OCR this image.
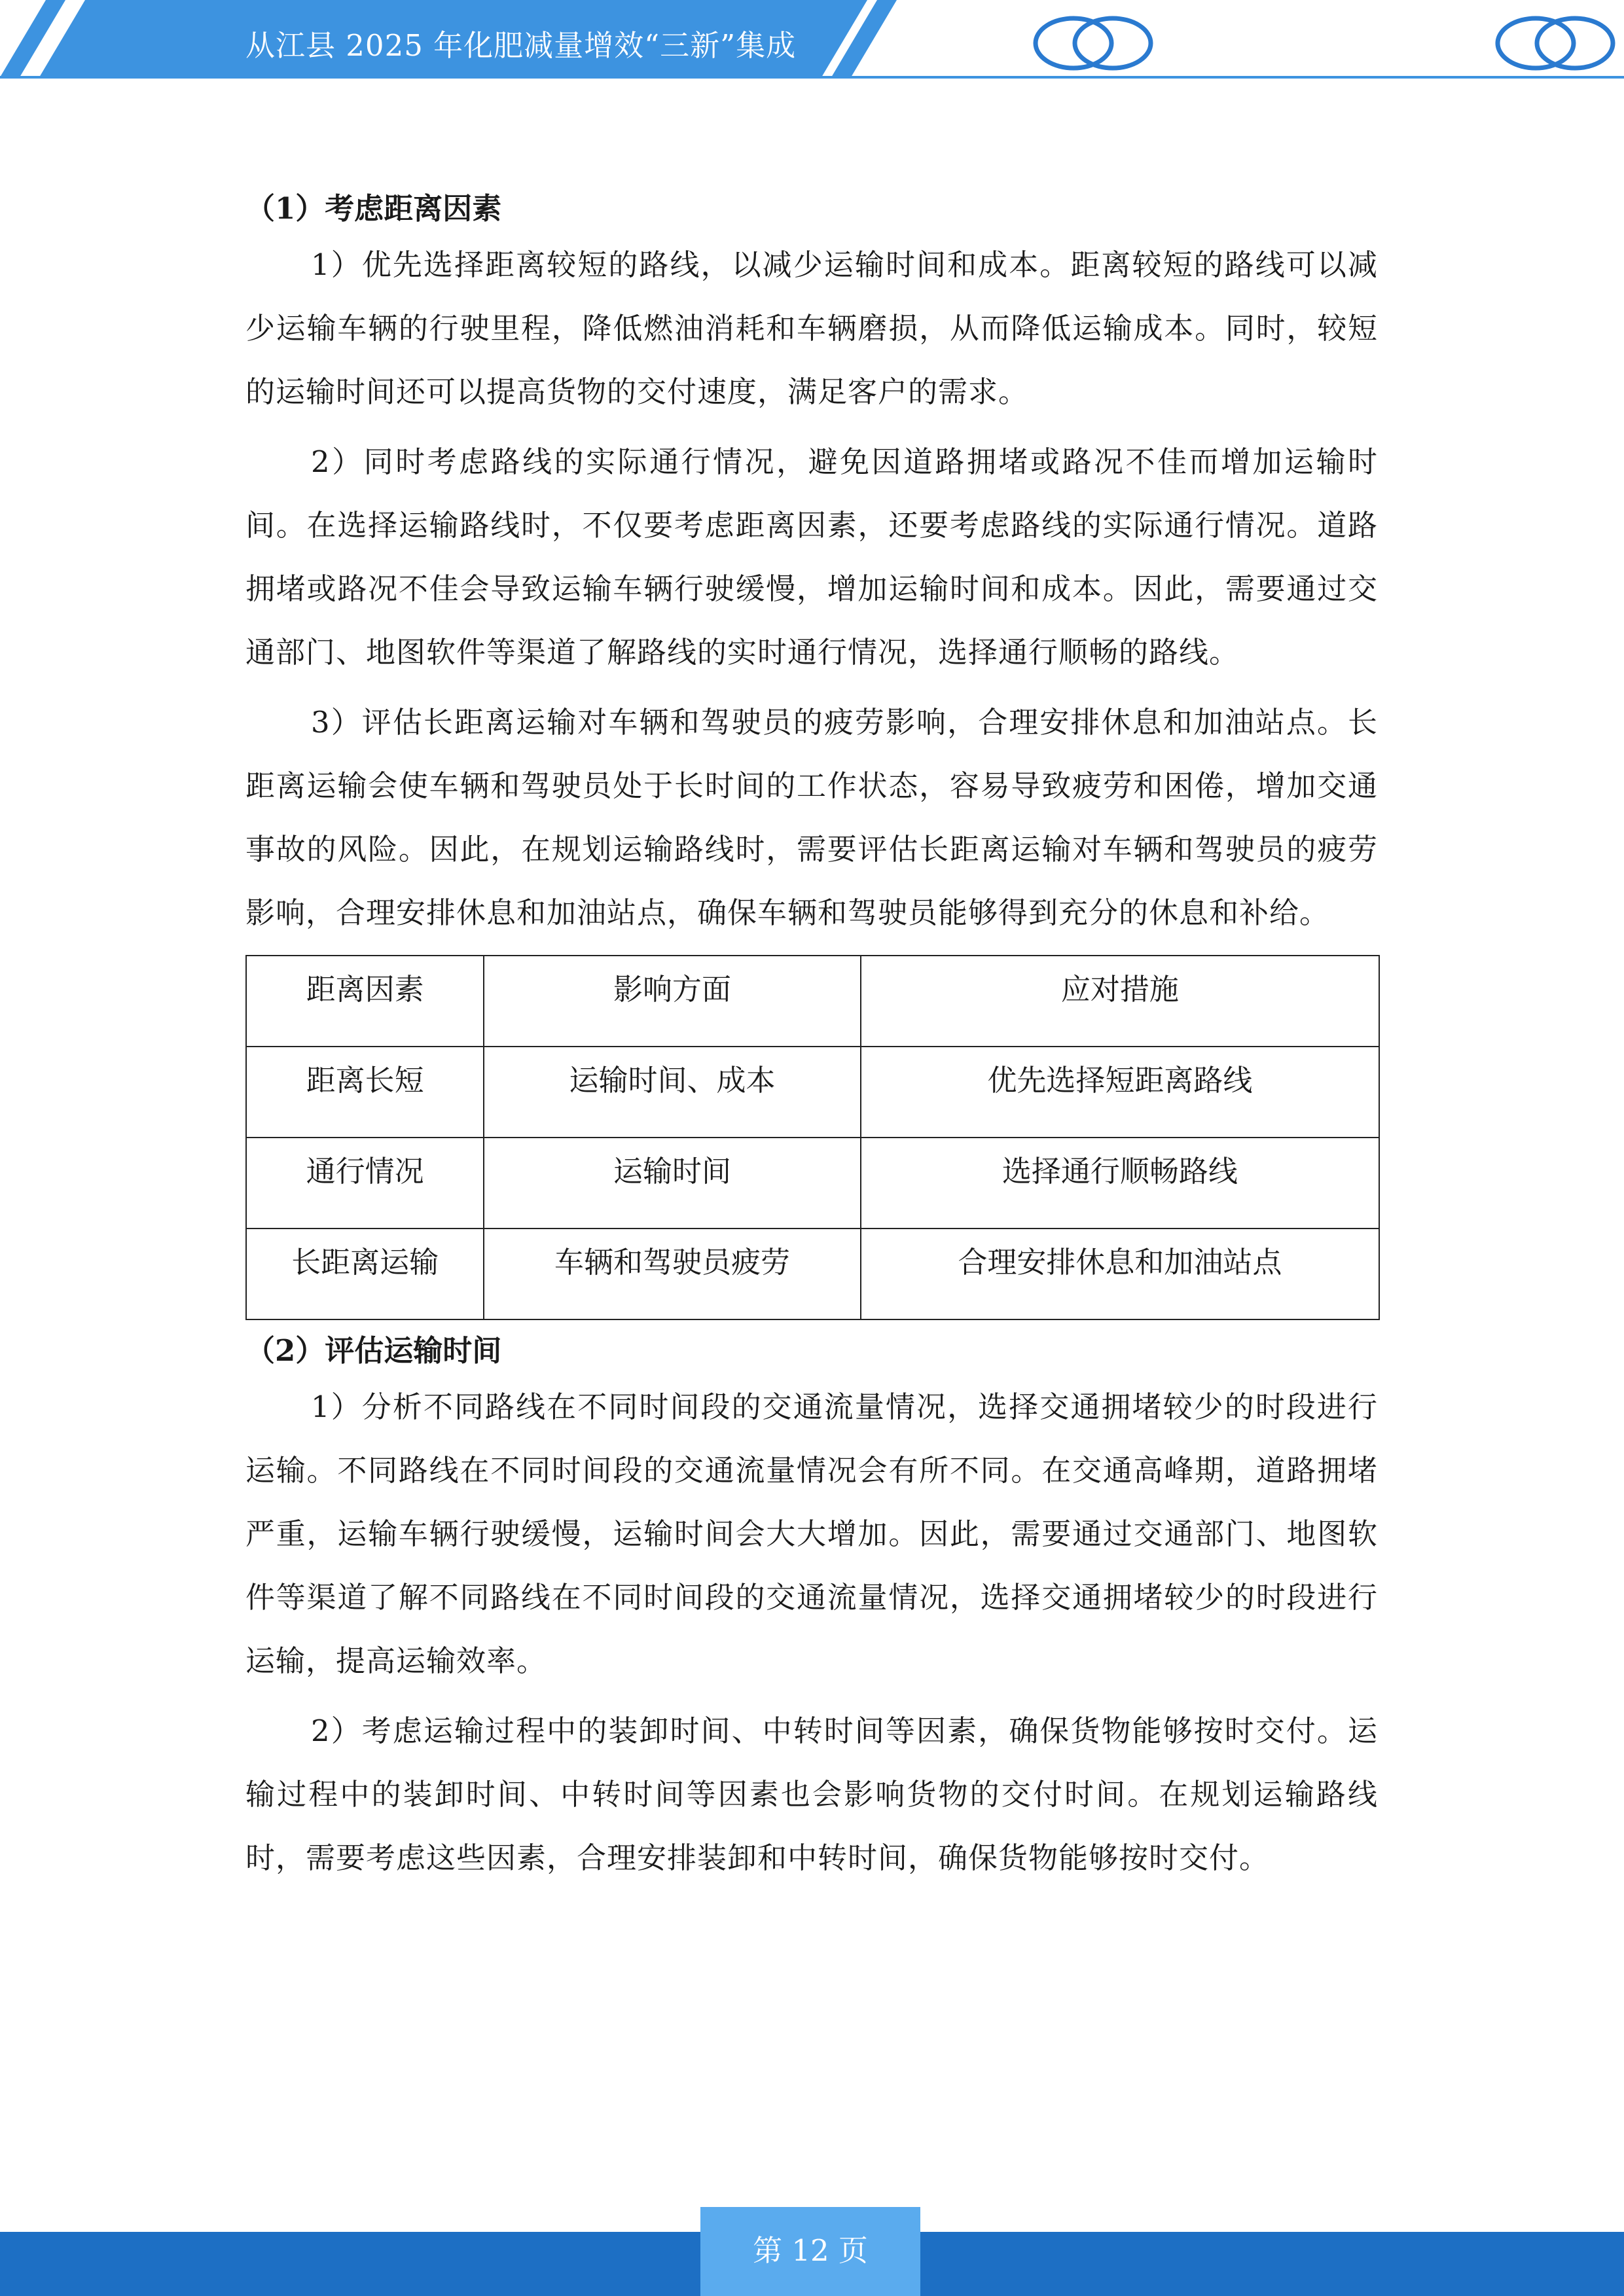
从江县 2025 年化肥减量增效“三新”集成
（1）考虑距离因素

1）优先选择距离较短的路线，以减少运输时间和成本。距离较短的路线可以减少运输车辆的行驶里程，降低燃油消耗和车辆磨损，从而降低运输成本。同时，较短的运输时间还可以提高货物的交付速度，满足客户的需求。

2）同时考虑路线的实际通行情况，避免因道路拥堵或路况不佳而增加运输时间。在选择运输路线时，不仅要考虑距离因素，还要考虑路线的实际通行情况。道路拥堵或路况不佳会导致运输车辆行驶缓慢，增加运输时间和成本。因此，需要通过交通部门、地图软件等渠道了解路线的实时通行情况，选择通行顺畅的路线。

3）评估长距离运输对车辆和驾驶员的疲劳影响，合理安排休息和加油站点。长距离运输会使车辆和驾驶员处于长时间的工作状态，容易导致疲劳和困倦，增加交通事故的风险。因此，在规划运输路线时，需要评估长距离运输对车辆和驾驶员的疲劳影响，合理安排休息和加油站点，确保车辆和驾驶员能够得到充分的休息和补给。

距离因素	影响方面	应对措施
距离长短	运输时间、成本	优先选择短距离路线
通行情况	运输时间	选择通行顺畅路线
长距离运输	车辆和驾驶员疲劳	合理安排休息和加油站点
（2）评估运输时间

1）分析不同路线在不同时间段的交通流量情况，选择交通拥堵较少的时段进行运输。不同路线在不同时间段的交通流量情况会有所不同。在交通高峰期，道路拥堵严重，运输车辆行驶缓慢，运输时间会大大增加。因此，需要通过交通部门、地图软件等渠道了解不同路线在不同时间段的交通流量情况，选择交通拥堵较少的时段进行运输，提高运输效率。

2）考虑运输过程中的装卸时间、中转时间等因素，确保货物能够按时交付。运输过程中的装卸时间、中转时间等因素也会影响货物的交付时间。在规划运输路线时，需要考虑这些因素，合理安排装卸和中转时间，确保货物能够按时交付。

第 12 页
